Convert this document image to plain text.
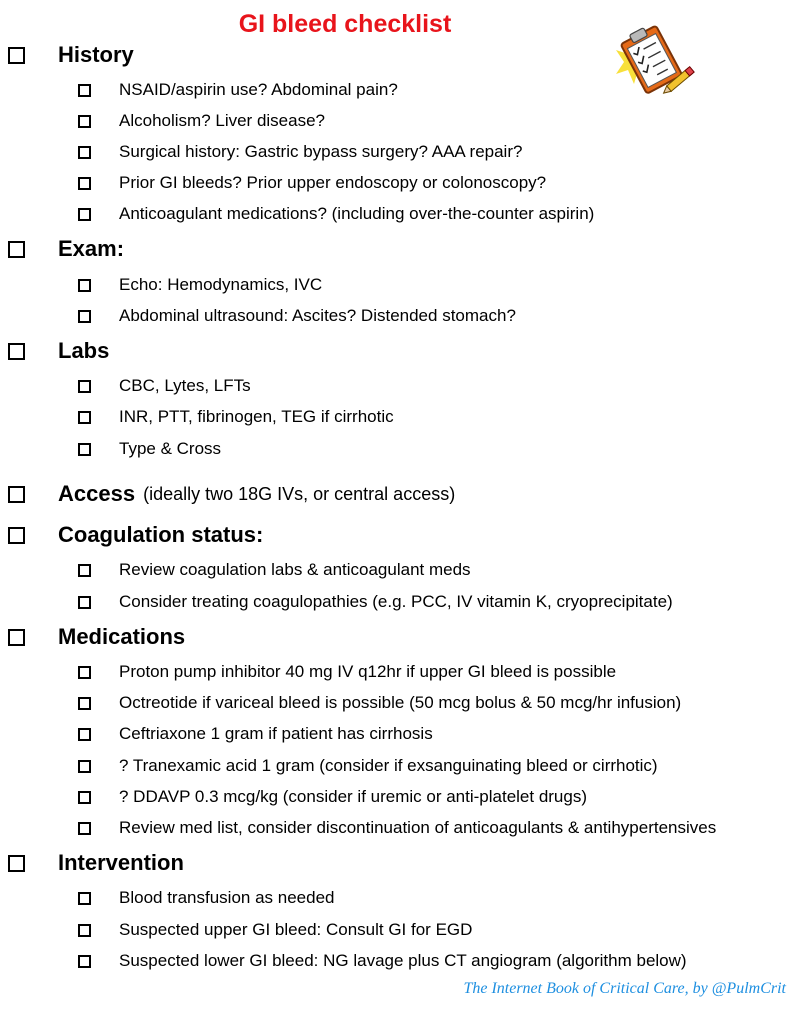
GI bleed checklist
History
NSAID/aspirin use? Abdominal pain?
Alcoholism? Liver disease?
Surgical history: Gastric bypass surgery? AAA repair?
Prior GI bleeds? Prior upper endoscopy or colonoscopy?
Anticoagulant medications? (including over-the-counter aspirin)
Exam:
Echo: Hemodynamics, IVC
Abdominal ultrasound: Ascites? Distended stomach?
Labs
CBC, Lytes, LFTs
INR, PTT, fibrinogen, TEG if cirrhotic
Type & Cross
Access (ideally two 18G IVs, or central access)
Coagulation status:
Review coagulation labs & anticoagulant meds
Consider treating coagulopathies (e.g. PCC, IV vitamin K, cryoprecipitate)
Medications
Proton pump inhibitor 40 mg IV q12hr if upper GI bleed is possible
Octreotide if variceal bleed is possible (50 mcg bolus & 50 mcg/hr infusion)
Ceftriaxone 1 gram if patient has cirrhosis
? Tranexamic acid 1 gram (consider if exsanguinating bleed or cirrhotic)
? DDAVP 0.3 mcg/kg (consider if uremic or anti-platelet drugs)
Review med list, consider discontinuation of anticoagulants & antihypertensives
Intervention
Blood transfusion as needed
Suspected upper GI bleed: Consult GI for EGD
Suspected lower GI bleed: NG lavage plus CT angiogram (algorithm below)
The Internet Book of Critical Care, by @PulmCrit
